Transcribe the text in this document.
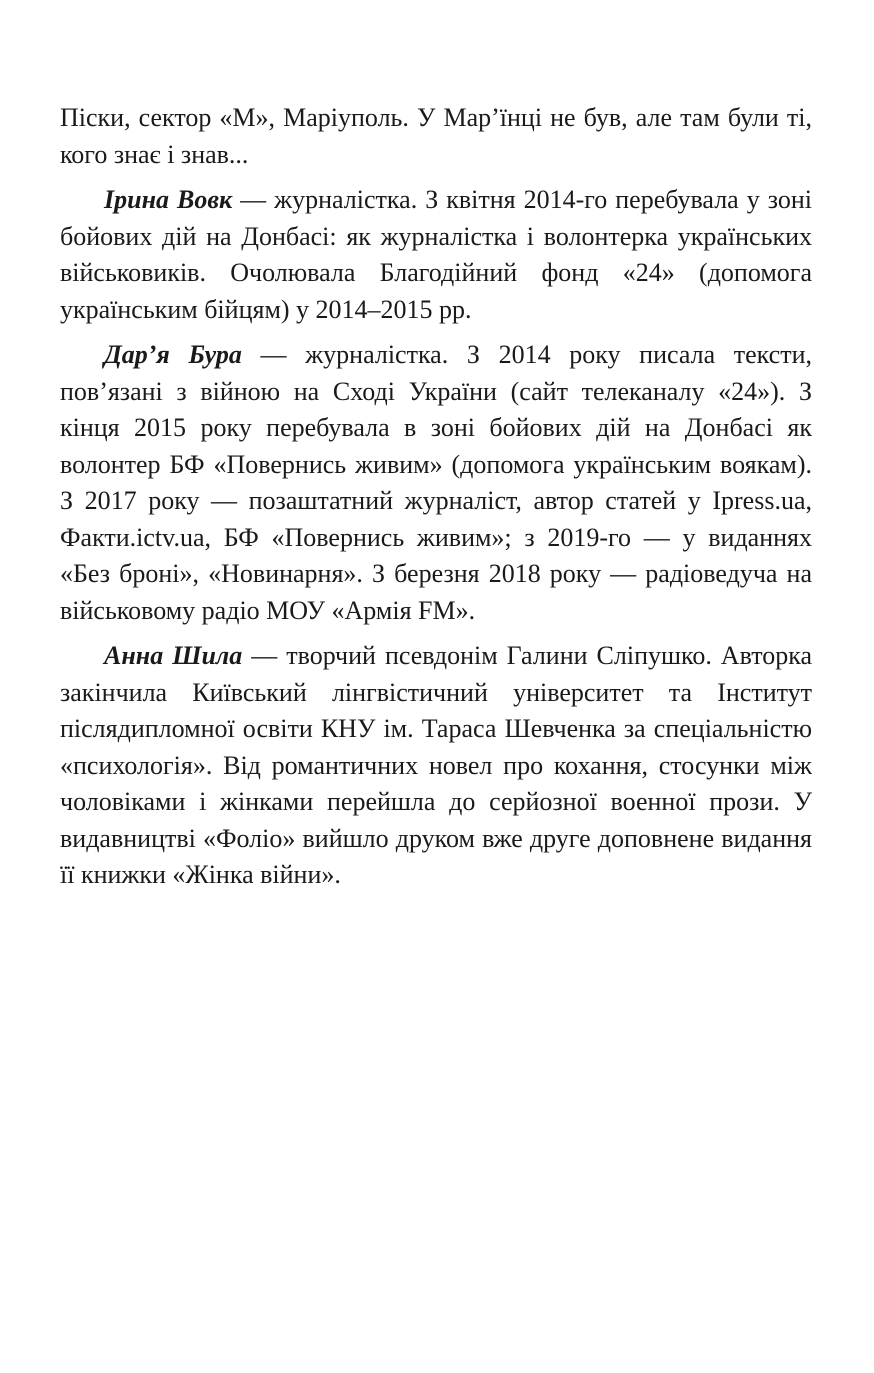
Піски, сектор «М», Маріуполь. У Мар’їнці не був, але там були ті, кого знає і знав...

Ірина Вовк — журналістка. З квітня 2014-го перебувала у зоні бойових дій на Донбасі: як журналістка і волонтерка українських військовиків. Очолювала Благодійний фонд «24» (допомога українським бійцям) у 2014–2015 рр.

Дар’я Бура — журналістка. З 2014 року писала тексти, пов’язані з війною на Сході України (сайт телеканалу «24»). З кінця 2015 року перебувала в зоні бойових дій на Донбасі як волонтер БФ «Повернись живим» (допомога українським воякам). З 2017 року — позаштатний журналіст, автор статей у Ipress.ua, Факти.ictv.ua, БФ «Повернись живим»; з 2019-го — у виданнях «Без броні», «Новинарня». З березня 2018 року — радіоведуча на військовому радіо МОУ «Армія FM».

Анна Шила — творчий псевдонім Галини Сліпушко. Авторка закінчила Київський лінгвістичний університет та Інститут післядипломної освіти КНУ ім. Тараса Шевченка за спеціальністю «психологія». Від романтичних новел про кохання, стосунки між чоловіками і жінками перейшла до серйозної военної прози. У видавництві «Фоліо» вийшло друком вже друге доповнене видання її книжки «Жінка війни».
